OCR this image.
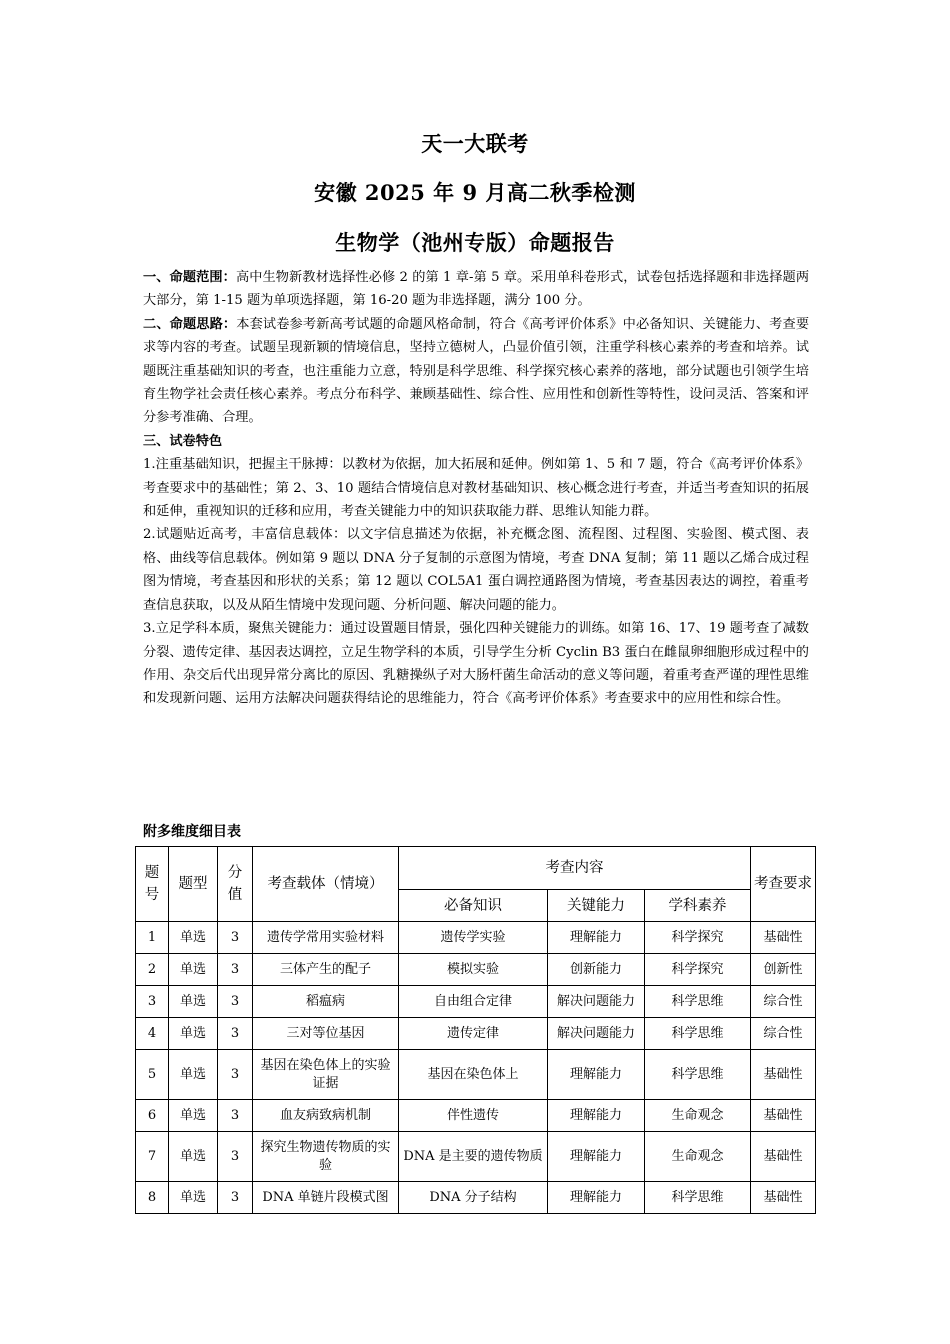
天一大联考
安徽 2025 年 9 月高二秋季检测
生物学（池州专版）命题报告

一、命题范围：高中生物新教材选择性必修 2 的第 1 章-第 5 章。采用单科卷形式，试卷包括选择题和非选择题两大部分，第 1-15 题为单项选择题，第 16-20 题为非选择题，满分 100 分。

二、命题思路：本套试卷参考新高考试题的命题风格命制，符合《高考评价体系》中必备知识、关键能力、考查要求等内容的考查。试题呈现新颖的情境信息，坚持立德树人，凸显价值引领，注重学科核心素养的考查和培养。试题既注重基础知识的考查，也注重能力立意，特别是科学思维、科学探究核心素养的落地，部分试题也引领学生培育生物学社会责任核心素养。考点分布科学、兼顾基础性、综合性、应用性和创新性等特性，设问灵活、答案和评分参考准确、合理。

三、试卷特色

1.注重基础知识，把握主干脉搏：以教材为依据，加大拓展和延伸。例如第 1、5 和 7 题，符合《高考评价体系》考查要求中的基础性；第 2、3、10 题结合情境信息对教材基础知识、核心概念进行考查，并适当考查知识的拓展和延伸，重视知识的迁移和应用，考查关键能力中的知识获取能力群、思维认知能力群。

2.试题贴近高考，丰富信息载体：以文字信息描述为依据，补充概念图、流程图、过程图、实验图、模式图、表格、曲线等信息载体。例如第 9 题以 DNA 分子复制的示意图为情境，考查 DNA 复制；第 11 题以乙烯合成过程图为情境，考查基因和形状的关系；第 12 题以 COL5A1 蛋白调控通路图为情境，考查基因表达的调控，着重考查信息获取，以及从陌生情境中发现问题、分析问题、解决问题的能力。

3.立足学科本质，聚焦关键能力：通过设置题目情景，强化四种关键能力的训练。如第 16、17、19 题考查了减数分裂、遗传定律、基因表达调控，立足生物学科的本质，引导学生分析 Cyclin B3 蛋白在雌鼠卵细胞形成过程中的作用、杂交后代出现异常分离比的原因、乳糖操纵子对大肠杆菌生命活动的意义等问题，着重考查严谨的理性思维和发现新问题、运用方法解决问题获得结论的思维能力，符合《高考评价体系》考查要求中的应用性和综合性。

附多维度细目表
题号	题型	分值	考查载体（情境）	考查内容			考查要求
				必备知识	关键能力	学科素养	
1	单选	3	遗传学常用实验材料	遗传学实验	理解能力	科学探究	基础性
2	单选	3	三体产生的配子	模拟实验	创新能力	科学探究	创新性
3	单选	3	稻瘟病	自由组合定律	解决问题能力	科学思维	综合性
4	单选	3	三对等位基因	遗传定律	解决问题能力	科学思维	综合性
5	单选	3	基因在染色体上的实验证据	基因在染色体上	理解能力	科学思维	基础性
6	单选	3	血友病致病机制	伴性遗传	理解能力	生命观念	基础性
7	单选	3	探究生物遗传物质的实验	DNA 是主要的遗传物质	理解能力	生命观念	基础性
8	单选	3	DNA 单链片段模式图	DNA 分子结构	理解能力	科学思维	基础性
